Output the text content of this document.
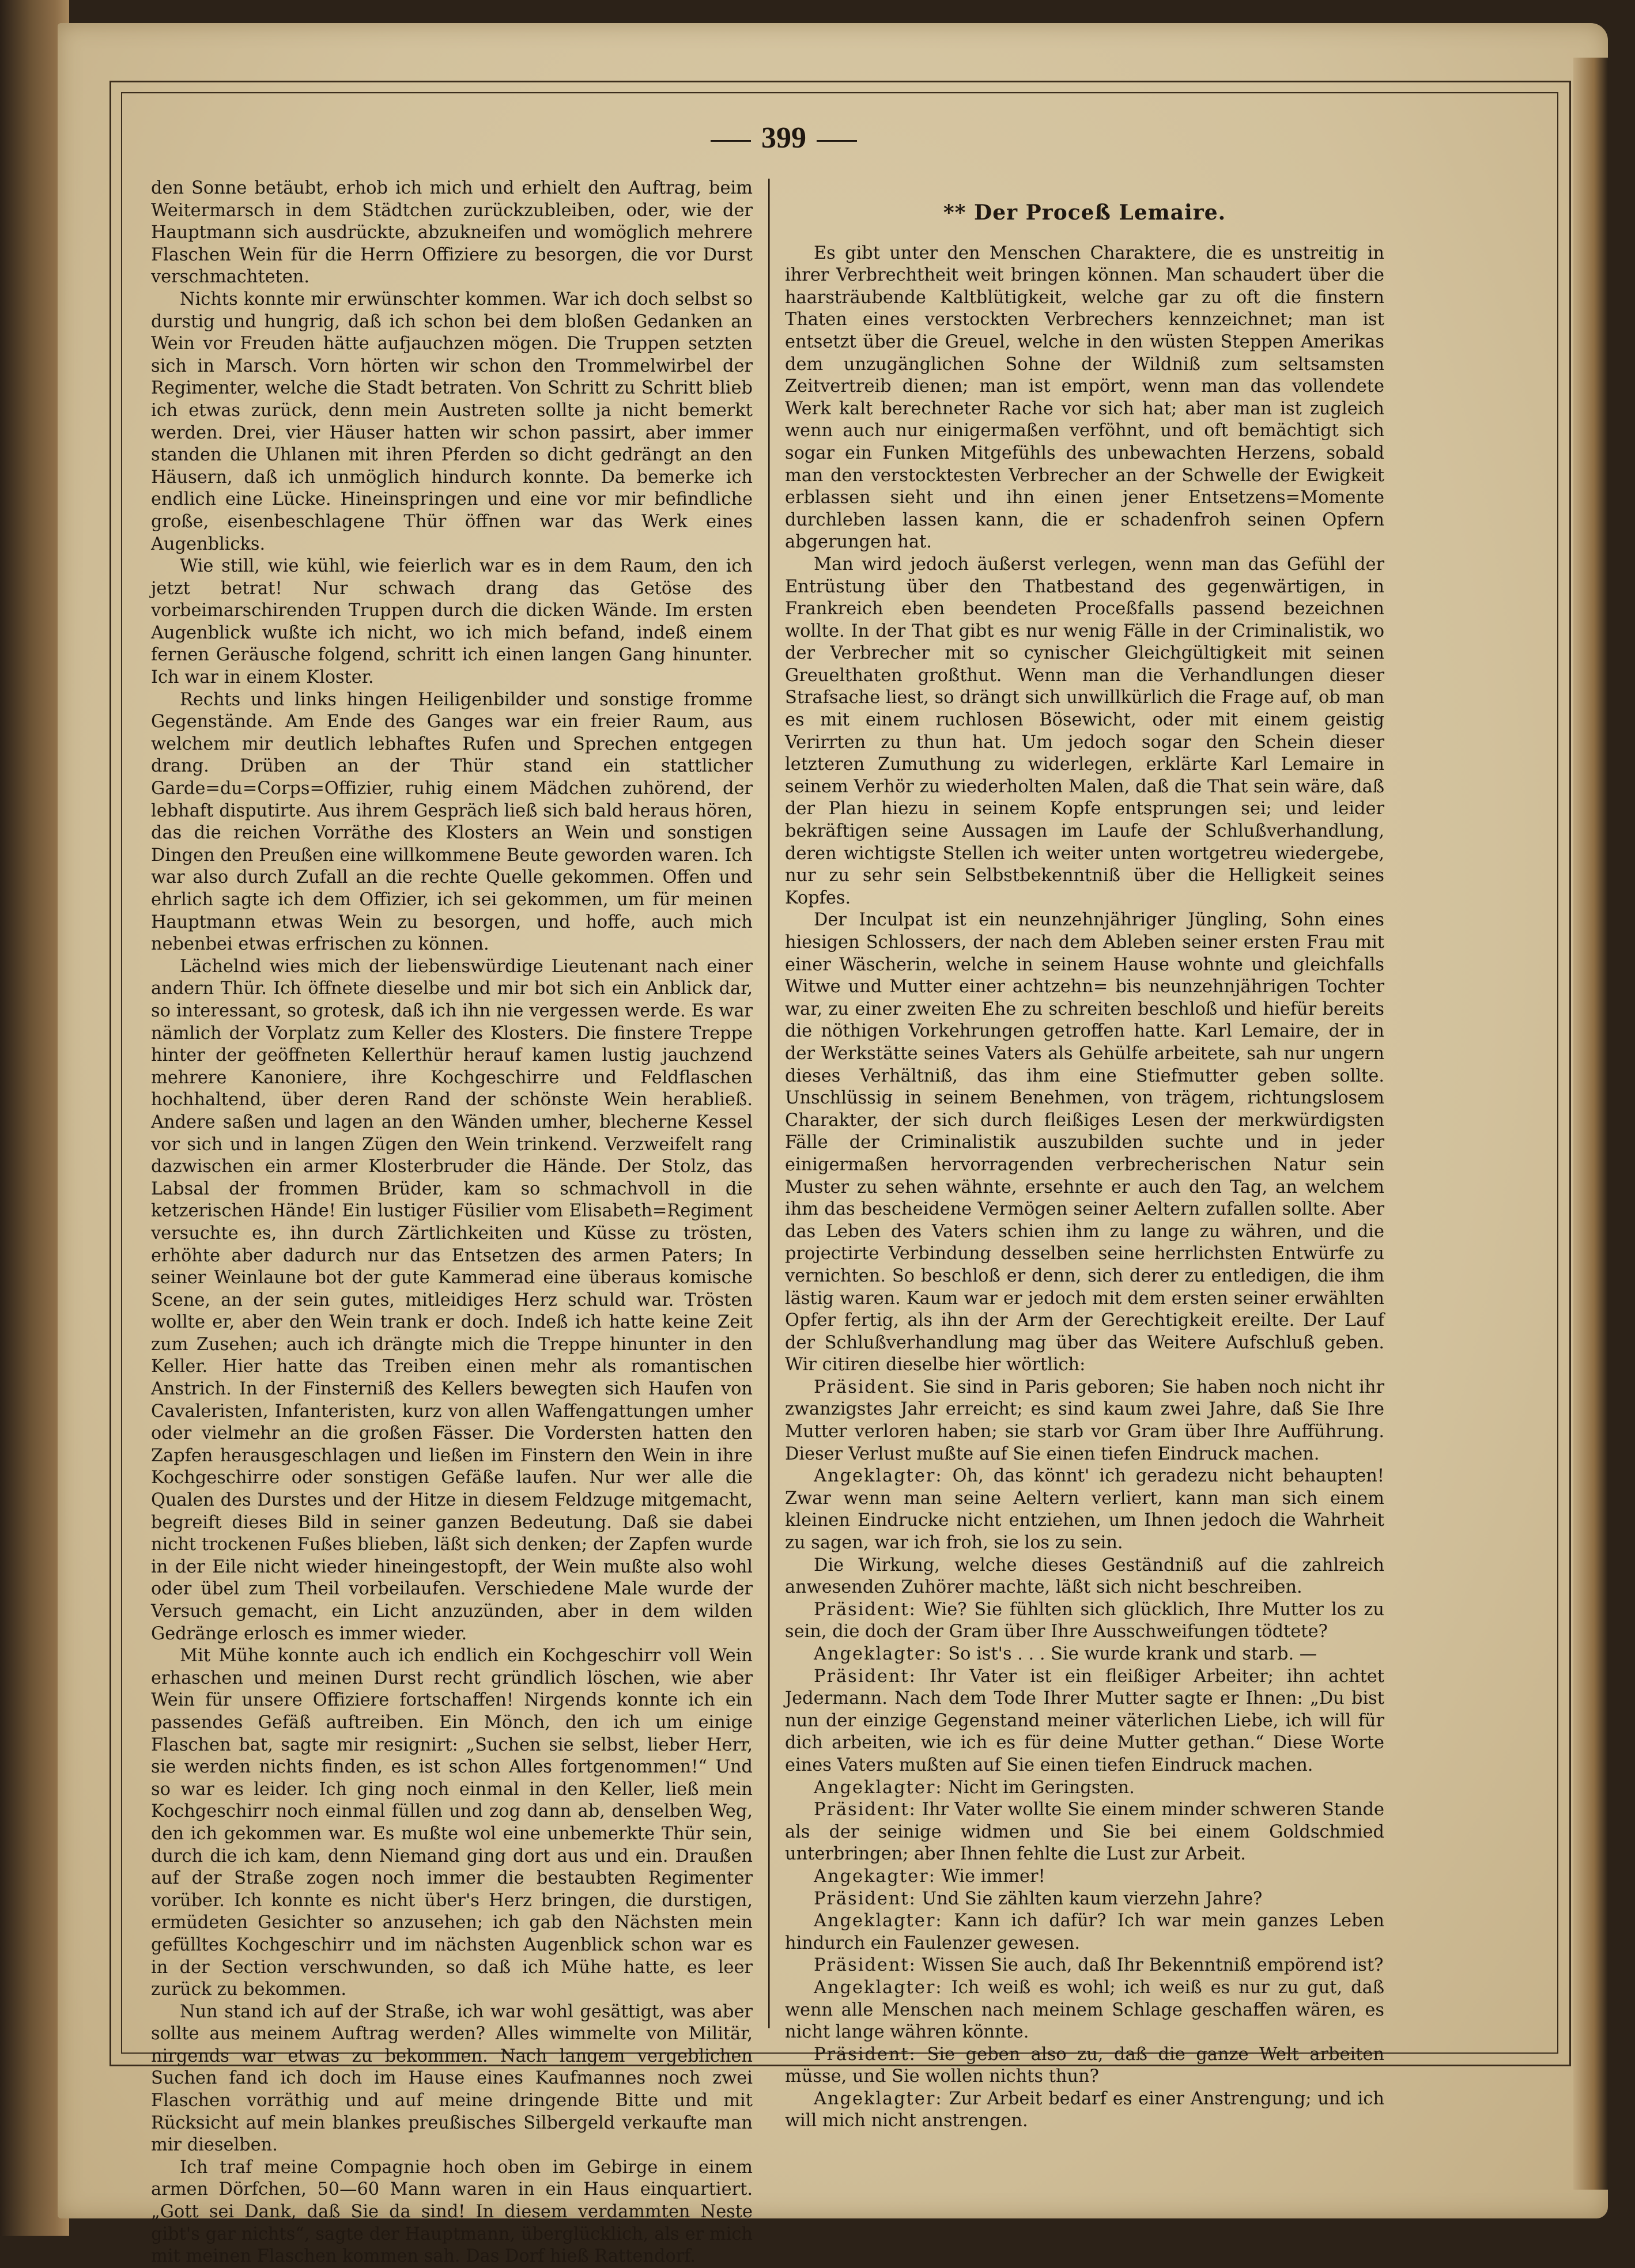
399

den Sonne betäubt, erhob ich mich und erhielt den Auftrag, beim Weitermarsch in dem Städtchen zurückzubleiben, oder, wie der Hauptmann sich ausdrückte, abzukneifen und womöglich mehrere Flaschen Wein für die Herrn Offiziere zu besorgen, die vor Durst verschmachteten.

Nichts konnte mir erwünschter kommen. War ich doch selbst so durstig und hungrig, daß ich schon bei dem bloßen Gedanken an Wein vor Freuden hätte aufjauchzen mögen. Die Truppen setzten sich in Marsch. Vorn hörten wir schon den Trommelwirbel der Regimenter, welche die Stadt betraten. Von Schritt zu Schritt blieb ich etwas zurück, denn mein Austreten sollte ja nicht bemerkt werden. Drei, vier Häuser hatten wir schon passirt, aber immer standen die Uhlanen mit ihren Pferden so dicht gedrängt an den Häusern, daß ich unmöglich hindurch konnte. Da bemerke ich endlich eine Lücke. Hineinspringen und eine vor mir befindliche große, eisenbeschlagene Thür öffnen war das Werk eines Augenblicks.

Wie still, wie kühl, wie feierlich war es in dem Raum, den ich jetzt betrat! Nur schwach drang das Getöse des vorbeimarschirenden Truppen durch die dicken Wände. Im ersten Augenblick wußte ich nicht, wo ich mich befand, indeß einem fernen Geräusche folgend, schritt ich einen langen Gang hinunter. Ich war in einem Kloster.

Rechts und links hingen Heiligenbilder und sonstige fromme Gegenstände. Am Ende des Ganges war ein freier Raum, aus welchem mir deutlich lebhaftes Rufen und Sprechen entgegen drang. Drüben an der Thür stand ein stattlicher Garde=du=Corps=Offizier, ruhig einem Mädchen zuhörend, der lebhaft disputirte. Aus ihrem Gespräch ließ sich bald heraus hören, das die reichen Vorräthe des Klosters an Wein und sonstigen Dingen den Preußen eine willkommene Beute geworden waren. Ich war also durch Zufall an die rechte Quelle gekommen. Offen und ehrlich sagte ich dem Offizier, ich sei gekommen, um für meinen Hauptmann etwas Wein zu besorgen, und hoffe, auch mich nebenbei etwas erfrischen zu können.

Lächelnd wies mich der liebenswürdige Lieutenant nach einer andern Thür. Ich öffnete dieselbe und mir bot sich ein Anblick dar, so interessant, so grotesk, daß ich ihn nie vergessen werde. Es war nämlich der Vorplatz zum Keller des Klosters. Die finstere Treppe hinter der geöffneten Kellerthür herauf kamen lustig jauchzend mehrere Kanoniere, ihre Kochgeschirre und Feldflaschen hochhaltend, über deren Rand der schönste Wein herabließ. Andere saßen und lagen an den Wänden umher, blecherne Kessel vor sich und in langen Zügen den Wein trinkend. Verzweifelt rang dazwischen ein armer Klosterbruder die Hände. Der Stolz, das Labsal der frommen Brüder, kam so schmachvoll in die ketzerischen Hände! Ein lustiger Füsilier vom Elisabeth=Regiment versuchte es, ihn durch Zärtlichkeiten und Küsse zu trösten, erhöhte aber dadurch nur das Entsetzen des armen Paters; In seiner Weinlaune bot der gute Kammerad eine überaus komische Scene, an der sein gutes, mitleidiges Herz schuld war. Trösten wollte er, aber den Wein trank er doch. Indeß ich hatte keine Zeit zum Zusehen; auch ich drängte mich die Treppe hinunter in den Keller. Hier hatte das Treiben einen mehr als romantischen Anstrich. In der Finsterniß des Kellers bewegten sich Haufen von Cavaleristen, Infanteristen, kurz von allen Waffengattungen umher oder vielmehr an die großen Fässer. Die Vordersten hatten den Zapfen herausgeschlagen und ließen im Finstern den Wein in ihre Kochgeschirre oder sonstigen Gefäße laufen. Nur wer alle die Qualen des Durstes und der Hitze in diesem Feldzuge mitgemacht, begreift dieses Bild in seiner ganzen Bedeutung. Daß sie dabei nicht trockenen Fußes blieben, läßt sich denken; der Zapfen wurde in der Eile nicht wieder hineingestopft, der Wein mußte also wohl oder übel zum Theil vorbeilaufen. Verschiedene Male wurde der Versuch gemacht, ein Licht anzuzünden, aber in dem wilden Gedränge erlosch es immer wieder.

Mit Mühe konnte auch ich endlich ein Kochgeschirr voll Wein erhaschen und meinen Durst recht gründlich löschen, wie aber Wein für unsere Offiziere fortschaffen! Nirgends konnte ich ein passendes Gefäß auftreiben. Ein Mönch, den ich um einige Flaschen bat, sagte mir resignirt: „Suchen sie selbst, lieber Herr, sie werden nichts finden, es ist schon Alles fortgenommen!“ Und so war es leider. Ich ging noch einmal in den Keller, ließ mein Kochgeschirr noch einmal füllen und zog dann ab, denselben Weg, den ich gekommen war. Es mußte wol eine unbemerkte Thür sein, durch die ich kam, denn Niemand ging dort aus und ein. Draußen auf der Straße zogen noch immer die bestaubten Regimenter vorüber. Ich konnte es nicht über's Herz bringen, die durstigen, ermüdeten Gesichter so anzusehen; ich gab den Nächsten mein gefülltes Kochgeschirr und im nächsten Augenblick schon war es in der Section verschwunden, so daß ich Mühe hatte, es leer zurück zu bekommen.

Nun stand ich auf der Straße, ich war wohl gesättigt, was aber sollte aus meinem Auftrag werden? Alles wimmelte von Militär, nirgends war etwas zu bekommen. Nach langem vergeblichen Suchen fand ich doch im Hause eines Kaufmannes noch zwei Flaschen vorräthig und auf meine dringende Bitte und mit Rücksicht auf mein blankes preußisches Silbergeld verkaufte man mir dieselben.

Ich traf meine Compagnie hoch oben im Gebirge in einem armen Dörfchen, 50—60 Mann waren in ein Haus einquartiert. „Gott sei Dank, daß Sie da sind! In diesem verdammten Neste gibt's gar nichts“, sagte der Hauptmann, überglücklich, als er mich mit meinen Flaschen kommen sah. Das Dorf hieß Rattendorf.

** Der Proceß Lemaire.

Es gibt unter den Menschen Charaktere, die es unstreitig in ihrer Verbrechtheit weit bringen können. Man schaudert über die haarsträubende Kaltblütigkeit, welche gar zu oft die finstern Thaten eines verstockten Verbrechers kennzeichnet; man ist entsetzt über die Greuel, welche in den wüsten Steppen Amerikas dem unzugänglichen Sohne der Wildniß zum seltsamsten Zeitvertreib dienen; man ist empört, wenn man das vollendete Werk kalt berechneter Rache vor sich hat; aber man ist zugleich wenn auch nur einigermaßen verföhnt, und oft bemächtigt sich sogar ein Funken Mitgefühls des unbewachten Herzens, sobald man den verstocktesten Verbrecher an der Schwelle der Ewigkeit erblassen sieht und ihn einen jener Entsetzens=Momente durchleben lassen kann, die er schadenfroh seinen Opfern abgerungen hat.

Man wird jedoch äußerst verlegen, wenn man das Gefühl der Entrüstung über den Thatbestand des gegenwärtigen, in Frankreich eben beendeten Proceßfalls passend bezeichnen wollte. In der That gibt es nur wenig Fälle in der Criminalistik, wo der Verbrecher mit so cynischer Gleichgültigkeit mit seinen Greuelthaten großthut. Wenn man die Verhandlungen dieser Strafsache liest, so drängt sich unwillkürlich die Frage auf, ob man es mit einem ruchlosen Bösewicht, oder mit einem geistig Verirrten zu thun hat. Um jedoch sogar den Schein dieser letzteren Zumuthung zu widerlegen, erklärte Karl Lemaire in seinem Verhör zu wiederholten Malen, daß die That sein wäre, daß der Plan hiezu in seinem Kopfe entsprungen sei; und leider bekräftigen seine Aussagen im Laufe der Schlußverhandlung, deren wichtigste Stellen ich weiter unten wortgetreu wiedergebe, nur zu sehr sein Selbstbekenntniß über die Helligkeit seines Kopfes.

Der Inculpat ist ein neunzehnjähriger Jüngling, Sohn eines hiesigen Schlossers, der nach dem Ableben seiner ersten Frau mit einer Wäscherin, welche in seinem Hause wohnte und gleichfalls Witwe und Mutter einer achtzehn= bis neunzehnjährigen Tochter war, zu einer zweiten Ehe zu schreiten beschloß und hiefür bereits die nöthigen Vorkehrungen getroffen hatte. Karl Lemaire, der in der Werkstätte seines Vaters als Gehülfe arbeitete, sah nur ungern dieses Verhältniß, das ihm eine Stiefmutter geben sollte. Unschlüssig in seinem Benehmen, von trägem, richtungslosem Charakter, der sich durch fleißiges Lesen der merkwürdigsten Fälle der Criminalistik auszubilden suchte und in jeder einigermaßen hervorragenden verbrecherischen Natur sein Muster zu sehen wähnte, ersehnte er auch den Tag, an welchem ihm das bescheidene Vermögen seiner Aeltern zufallen sollte. Aber das Leben des Vaters schien ihm zu lange zu währen, und die projectirte Verbindung desselben seine herrlichsten Entwürfe zu vernichten. So beschloß er denn, sich derer zu entledigen, die ihm lästig waren. Kaum war er jedoch mit dem ersten seiner erwählten Opfer fertig, als ihn der Arm der Gerechtigkeit ereilte. Der Lauf der Schlußverhandlung mag über das Weitere Aufschluß geben. Wir citiren dieselbe hier wörtlich:

Präsident. Sie sind in Paris geboren; Sie haben noch nicht ihr zwanzigstes Jahr erreicht; es sind kaum zwei Jahre, daß Sie Ihre Mutter verloren haben; sie starb vor Gram über Ihre Aufführung. Dieser Verlust mußte auf Sie einen tiefen Eindruck machen.

Angeklagter: Oh, das könnt' ich geradezu nicht behaupten! Zwar wenn man seine Aeltern verliert, kann man sich einem kleinen Eindrucke nicht entziehen, um Ihnen jedoch die Wahrheit zu sagen, war ich froh, sie los zu sein.

Die Wirkung, welche dieses Geständniß auf die zahlreich anwesenden Zuhörer machte, läßt sich nicht beschreiben.

Präsident: Wie? Sie fühlten sich glücklich, Ihre Mutter los zu sein, die doch der Gram über Ihre Ausschweifungen tödtete?

Angeklagter: So ist's . . . Sie wurde krank und starb. —

Präsident: Ihr Vater ist ein fleißiger Arbeiter; ihn achtet Jedermann. Nach dem Tode Ihrer Mutter sagte er Ihnen: „Du bist nun der einzige Gegenstand meiner väterlichen Liebe, ich will für dich arbeiten, wie ich es für deine Mutter gethan.“ Diese Worte eines Vaters mußten auf Sie einen tiefen Eindruck machen.

Angeklagter: Nicht im Geringsten.

Präsident: Ihr Vater wollte Sie einem minder schweren Stande als der seinige widmen und Sie bei einem Goldschmied unterbringen; aber Ihnen fehlte die Lust zur Arbeit.

Angekagter: Wie immer!

Präsident: Und Sie zählten kaum vierzehn Jahre?

Angeklagter: Kann ich dafür? Ich war mein ganzes Leben hindurch ein Faulenzer gewesen.

Präsident: Wissen Sie auch, daß Ihr Bekenntniß empörend ist?

Angeklagter: Ich weiß es wohl; ich weiß es nur zu gut, daß wenn alle Menschen nach meinem Schlage geschaffen wären, es nicht lange währen könnte.

Präsident: Sie geben also zu, daß die ganze Welt arbeiten müsse, und Sie wollen nichts thun?

Angeklagter: Zur Arbeit bedarf es einer Anstrengung; und ich will mich nicht anstrengen.
